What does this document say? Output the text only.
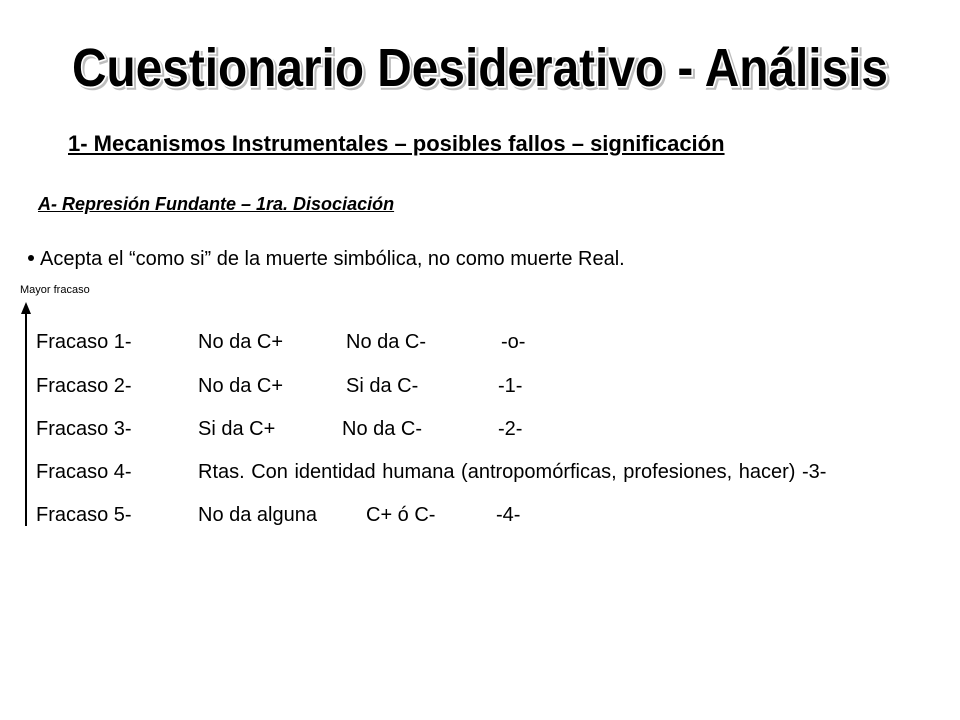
Cuestionario Desiderativo - Análisis
1- Mecanismos Instrumentales – posibles fallos – significación
A- Represión Fundante – 1ra. Disociación
Acepta el “como si” de la muerte simbólica, no como muerte Real.
Mayor fracaso
Fracaso 1-	No da C+	No da C-	-o-
Fracaso 2-	No da C+	Si da C-	-1-
Fracaso 3-	Si da C+	No da C-	-2-
Fracaso 4-	Rtas. Con identidad humana (antropomórficas, profesiones, hacer) -3-
Fracaso 5-	No da alguna C+ ó C-	-4-
